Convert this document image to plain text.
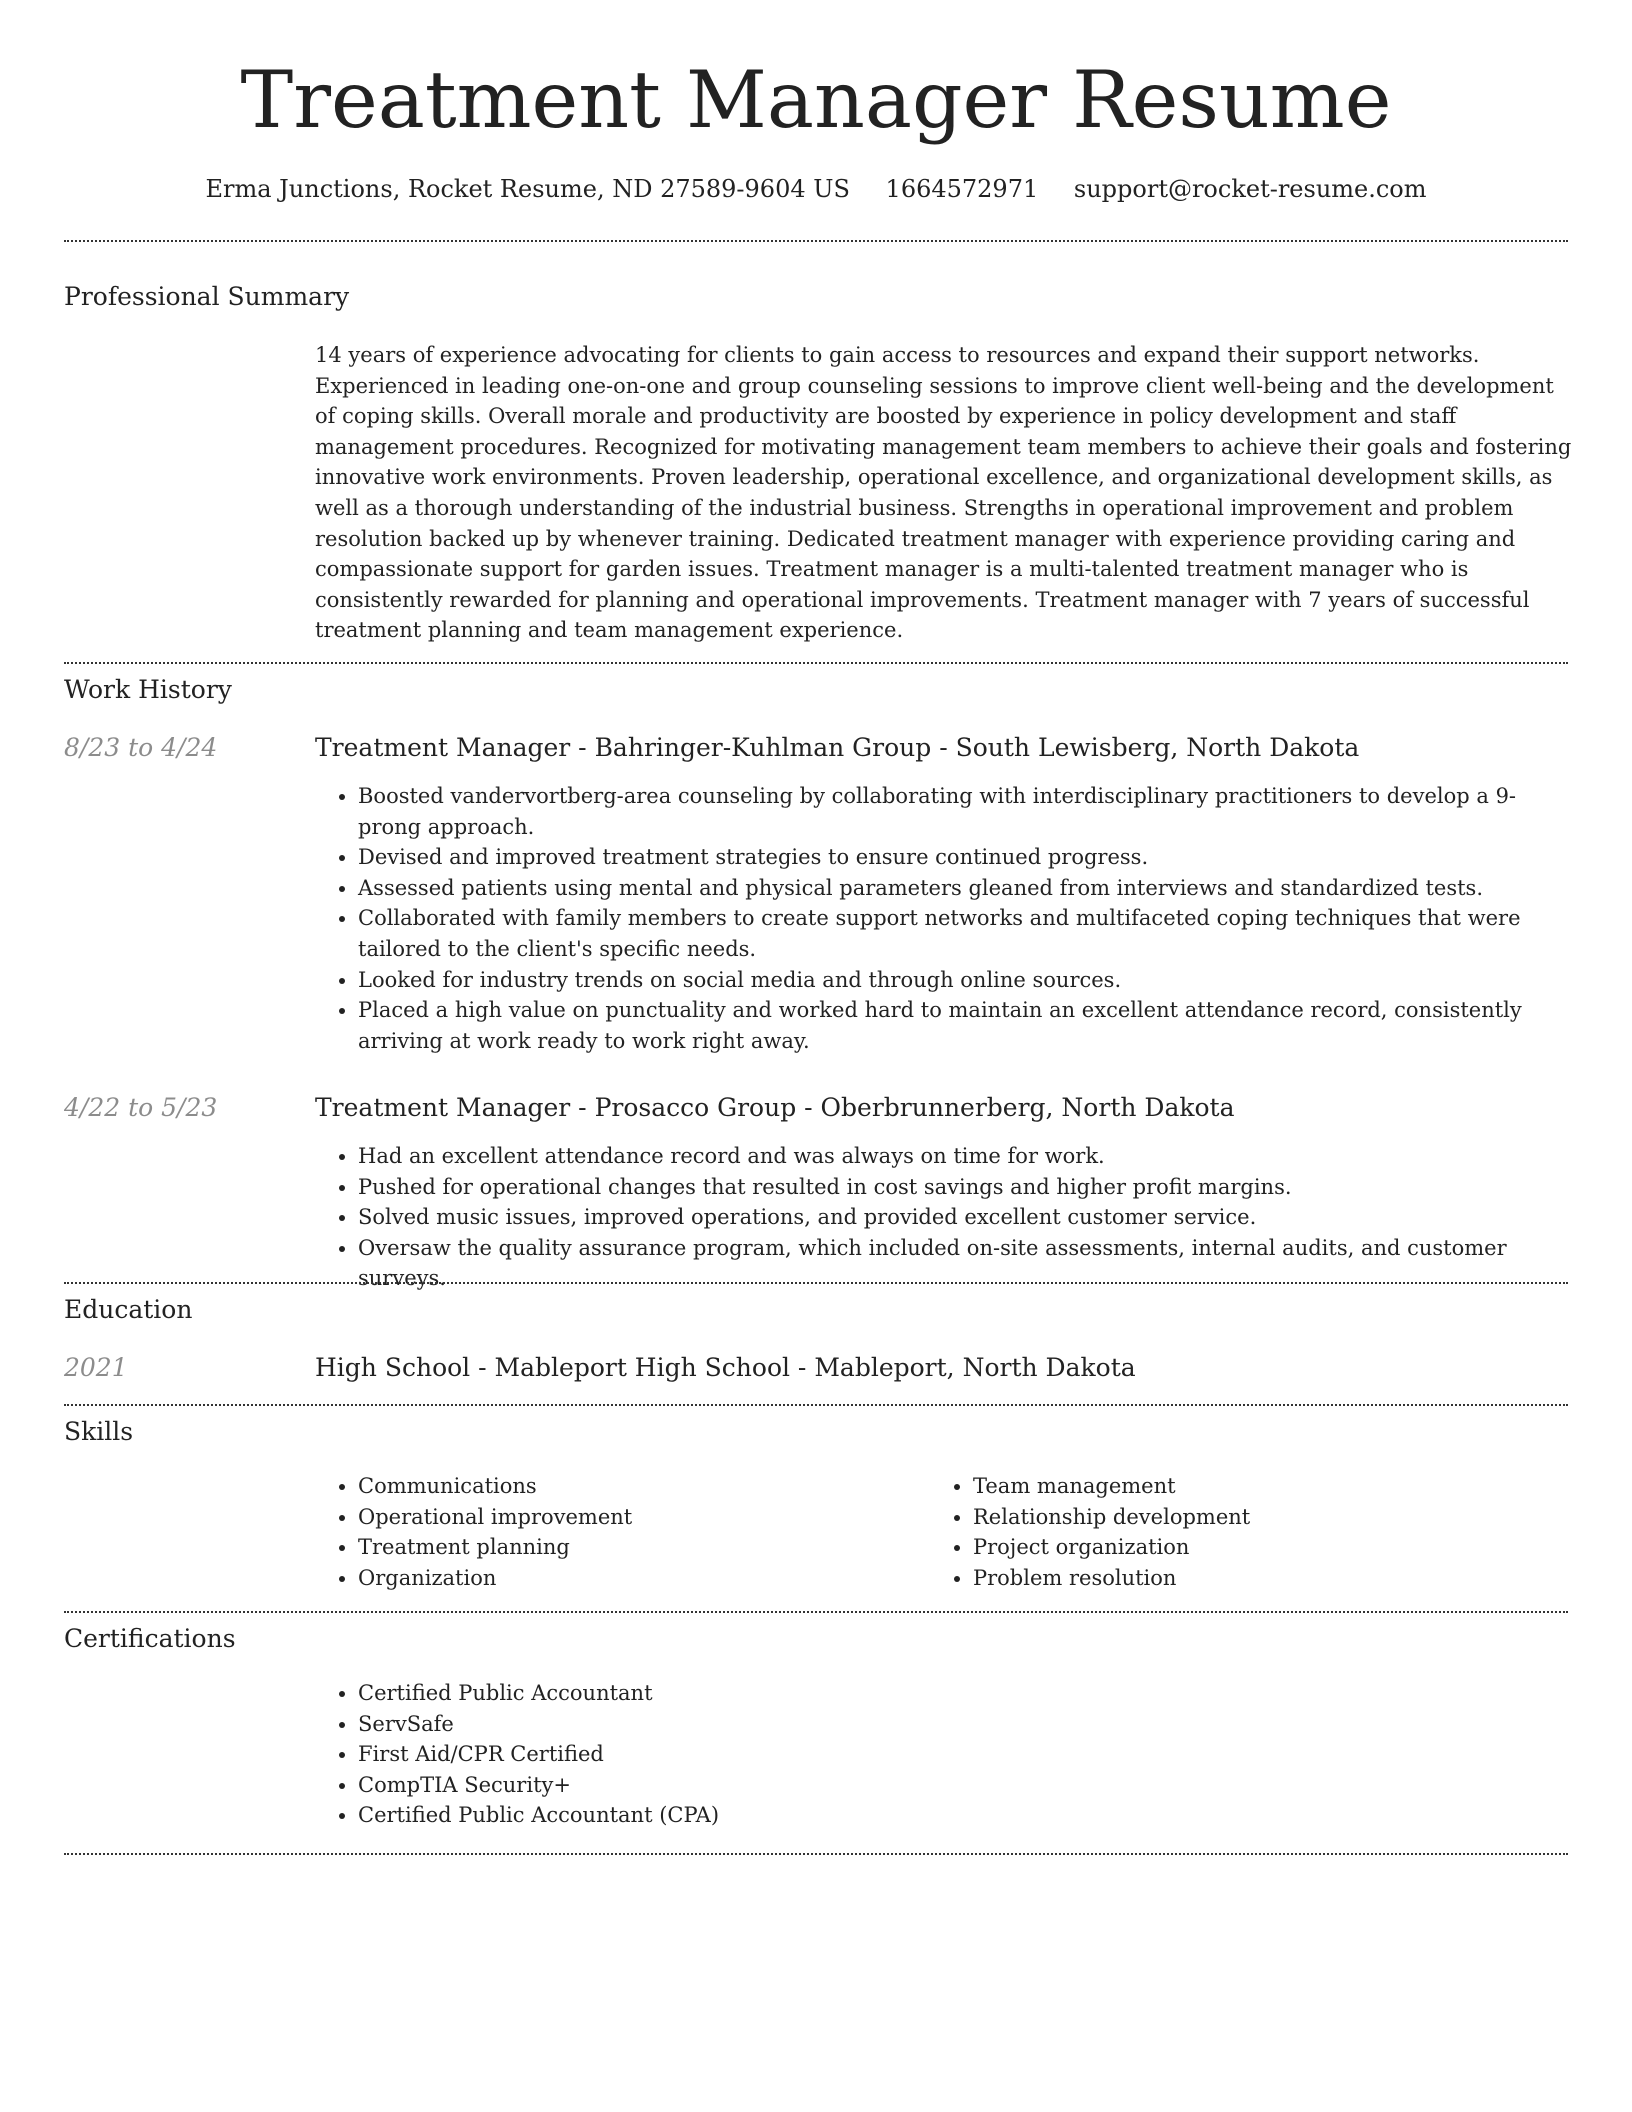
Treatment Manager Resume
Erma Junctions, Rocket Resume, ND 27589-9604 US 1664572971 support@rocket-resume.com
Professional Summary
14 years of experience advocating for clients to gain access to resources and expand their support networks. Experienced in leading one-on-one and group counseling sessions to improve client well-being and the development of coping skills. Overall morale and productivity are boosted by experience in policy development and staff management procedures. Recognized for motivating management team members to achieve their goals and fostering innovative work environments. Proven leadership, operational excellence, and organizational development skills, as well as a thorough understanding of the industrial business. Strengths in operational improvement and problem resolution backed up by whenever training. Dedicated treatment manager with experience providing caring and compassionate support for garden issues. Treatment manager is a multi-talented treatment manager who is consistently rewarded for planning and operational improvements. Treatment manager with 7 years of successful treatment planning and team management experience.
Work History
8/23 to 4/24	Treatment Manager - Bahringer-Kuhlman Group - South Lewisberg, North Dakota
• Boosted vandervortberg-area counseling by collaborating with interdisciplinary practitioners to develop a 9-prong approach.
• Devised and improved treatment strategies to ensure continued progress.
• Assessed patients using mental and physical parameters gleaned from interviews and standardized tests.
• Collaborated with family members to create support networks and multifaceted coping techniques that were tailored to the client's specific needs.
• Looked for industry trends on social media and through online sources.
• Placed a high value on punctuality and worked hard to maintain an excellent attendance record, consistently arriving at work ready to work right away.
4/22 to 5/23	Treatment Manager - Prosacco Group - Oberbrunnerberg, North Dakota
• Had an excellent attendance record and was always on time for work.
• Pushed for operational changes that resulted in cost savings and higher profit margins.
• Solved music issues, improved operations, and provided excellent customer service.
• Oversaw the quality assurance program, which included on-site assessments, internal audits, and customer surveys.
Education
2021	High School - Mableport High School - Mableport, North Dakota
Skills
• Communications
• Operational improvement
• Treatment planning
• Organization
• Team management
• Relationship development
• Project organization
• Problem resolution
Certifications
• Certified Public Accountant
• ServSafe
• First Aid/CPR Certified
• CompTIA Security+
• Certified Public Accountant (CPA)
